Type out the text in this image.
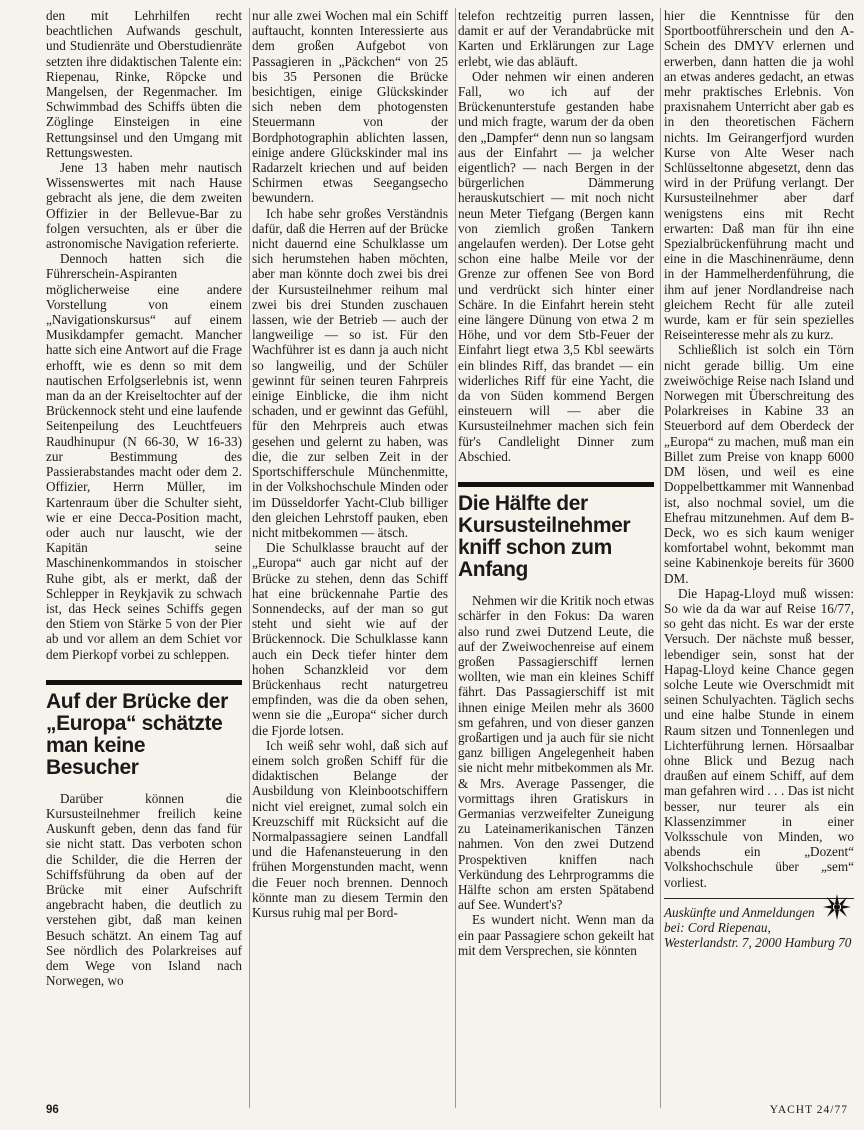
den mit Lehrhilfen recht beachtlichen Aufwands geschult, und Studienräte und Oberstudienräte setzten ihre didaktischen Talente ein: Riepenau, Rinke, Röpcke und Mangelsen, der Regenmacher. Im Schwimmbad des Schiffs übten die Zöglinge Einsteigen in eine Rettungsinsel und den Umgang mit Rettungswesten.

Jene 13 haben mehr nautisch Wissenswertes mit nach Hause gebracht als jene, die dem zweiten Offizier in der Bellevue-Bar zu folgen versuchten, als er über die astronomische Navigation referierte.

Dennoch hatten sich die Führerschein-Aspiranten möglicherweise eine andere Vorstellung von einem „Navigationskursus“ auf einem Musikdampfer gemacht. Mancher hatte sich eine Antwort auf die Frage erhofft, wie es denn so mit dem nautischen Erfolgserlebnis ist, wenn man da an der Kreiseltochter auf der Brückennock steht und eine laufende Seitenpeilung des Leuchtfeuers Raudhinupur (N 66-30, W 16-33) zur Bestimmung des Passierabstandes macht oder dem 2. Offizier, Herrn Müller, im Kartenraum über die Schulter sieht, wie er eine Decca-Position macht, oder auch nur lauscht, wie der Kapitän seine Maschinenkommandos in stoischer Ruhe gibt, als er merkt, daß der Schlepper in Reykjavik zu schwach ist, das Heck seines Schiffs gegen den Stiem von Stärke 5 von der Pier ab und vor allem an dem Schiet vor dem Pierkopf vorbei zu schleppen.

Auf der Brücke der „Europa“ schätzte man keine Besucher

Darüber können die Kursusteilnehmer freilich keine Auskunft geben, denn das fand für sie nicht statt. Das verboten schon die Schilder, die die Herren der Schiffsführung da oben auf der Brücke mit einer Aufschrift angebracht haben, die deutlich zu verstehen gibt, daß man keinen Besuch schätzt. An einem Tag auf See nördlich des Polarkreises auf dem Wege von Island nach Norwegen, wo

nur alle zwei Wochen mal ein Schiff auftaucht, konnten Interessierte aus dem großen Aufgebot von Passagieren in „Päckchen“ von 25 bis 35 Personen die Brücke besichtigen, einige Glückskinder sich neben dem photogensten Steuermann von der Bordphotographin ablichten lassen, einige andere Glückskinder mal ins Radarzelt kriechen und auf beiden Schirmen etwas Seegangsecho bewundern.

Ich habe sehr großes Verständnis dafür, daß die Herren auf der Brücke nicht dauernd eine Schulklasse um sich herumstehen haben möchten, aber man könnte doch zwei bis drei der Kursusteilnehmer reihum mal zwei bis drei Stunden zuschauen lassen, wie der Betrieb — auch der langweilige — so ist. Für den Wachführer ist es dann ja auch nicht so langweilig, und der Schüler gewinnt für seinen teuren Fahrpreis einige Einblicke, die ihm nicht schaden, und er gewinnt das Gefühl, für den Mehrpreis auch etwas gesehen und gelernt zu haben, was die, die zur selben Zeit in der Sportschifferschule Münchenmitte, in der Volkshochschule Minden oder im Düsseldorfer Yacht-Club billiger den gleichen Lehrstoff pauken, eben nicht mitbekommen — ätsch.

Die Schulklasse braucht auf der „Europa“ auch gar nicht auf der Brücke zu stehen, denn das Schiff hat eine brückennahe Partie des Sonnendecks, auf der man so gut steht und sieht wie auf der Brückennock. Die Schulklasse kann auch ein Deck tiefer hinter dem hohen Schanzkleid vor dem Brückenhaus recht naturgetreu empfinden, was die da oben sehen, wenn sie die „Europa“ sicher durch die Fjorde lotsen.

Ich weiß sehr wohl, daß sich auf einem solch großen Schiff für die didaktischen Belange der Ausbildung von Kleinbootschiffern nicht viel ereignet, zumal solch ein Kreuzschiff mit Rücksicht auf die Normalpassagiere seinen Landfall und die Hafenansteuerung in den frühen Morgenstunden macht, wenn die Feuer noch brennen. Dennoch könnte man zu diesem Termin den Kursus ruhig mal per Bord-

telefon rechtzeitig purren lassen, damit er auf der Verandabrücke mit Karten und Erklärungen zur Lage erlebt, wie das abläuft.

Oder nehmen wir einen anderen Fall, wo ich auf der Brückenunterstufe gestanden habe und mich fragte, warum der da oben den „Dampfer“ denn nun so langsam aus der Einfahrt — ja welcher eigentlich? — nach Bergen in der bürgerlichen Dämmerung herauskutschiert — mit noch nicht neun Meter Tiefgang (Bergen kann von ziemlich großen Tankern angelaufen werden). Der Lotse geht schon eine halbe Meile vor der Grenze zur offenen See von Bord und verdrückt sich hinter einer Schäre. In die Einfahrt herein steht eine längere Dünung von etwa 2 m Höhe, und vor dem Stb-Feuer der Einfahrt liegt etwa 3,5 Kbl seewärts ein blindes Riff, das brandet — ein widerliches Riff für eine Yacht, die da von Süden kommend Bergen einsteuern will — aber die Kursusteilnehmer machen sich fein für's Candlelight Dinner zum Abschied.

Die Hälfte der Kursusteilnehmer kniff schon zum Anfang

Nehmen wir die Kritik noch etwas schärfer in den Fokus: Da waren also rund zwei Dutzend Leute, die auf der Zweiwochenreise auf einem großen Passagierschiff lernen wollten, wie man ein kleines Schiff fährt. Das Passagierschiff ist mit ihnen einige Meilen mehr als 3600 sm gefahren, und von dieser ganzen großartigen und ja auch für sie nicht ganz billigen Angelegenheit haben sie nicht mehr mitbekommen als Mr. & Mrs. Average Passenger, die vormittags ihren Gratiskurs in Germanias verzweifelter Zuneigung zu Lateinamerikanischen Tänzen nahmen. Von den zwei Dutzend Prospektiven kniffen nach Verkündung des Lehrprogramms die Hälfte schon am ersten Spätabend auf See. Wundert's?

Es wundert nicht. Wenn man da ein paar Passagiere schon gekeilt hat mit dem Versprechen, sie könnten

hier die Kenntnisse für den Sportbootführerschein und den A-Schein des DMYV erlernen und erwerben, dann hatten die ja wohl an etwas anderes gedacht, an etwas mehr praktisches Erlebnis. Von praxisnahem Unterricht aber gab es in den theoretischen Fächern nichts. Im Geirangerfjord wurden Kurse von Alte Weser nach Schlüsseltonne abgesetzt, denn das wird in der Prüfung verlangt. Der Kursusteilnehmer aber darf wenigstens eins mit Recht erwarten: Daß man für ihn eine Spezialbrückenführung macht und eine in die Maschinenräume, denn in der Hammelherdenführung, die ihm auf jener Nordlandreise nach gleichem Recht für alle zuteil wurde, kam er für sein spezielles Reiseinteresse mehr als zu kurz.

Schließlich ist solch ein Törn nicht gerade billig. Um eine zweiwöchige Reise nach Island und Norwegen mit Überschreitung des Polarkreises in Kabine 33 an Steuerbord auf dem Oberdeck der „Europa“ zu machen, muß man ein Billet zum Preise von knapp 6000 DM lösen, und weil es eine Doppelbettkammer mit Wannenbad ist, also nochmal soviel, um die Ehefrau mitzunehmen. Auf dem B-Deck, wo es sich kaum weniger komfortabel wohnt, bekommt man seine Kabinenkoje bereits für 3600 DM.

Die Hapag-Lloyd muß wissen: So wie da da war auf Reise 16/77, so geht das nicht. Es war der erste Versuch. Der nächste muß besser, lebendiger sein, sonst hat der Hapag-Lloyd keine Chance gegen solche Leute wie Overschmidt mit seinen Schulyachten. Täglich sechs und eine halbe Stunde in einem Raum sitzen und Tonnenlegen und Lichterführung lernen. Hörsaalbar ohne Blick und Bezug nach draußen auf einem Schiff, auf dem man gefahren wird . . . Das ist nicht besser, nur teurer als ein Klassenzimmer in einer Volksschule von Minden, wo abends ein „Dozent“ Volkshochschule über „sem“ vorliest.

Auskünfte und Anmeldungen bei: Cord Riepenau, Westerlandstr. 7, 2000 Hamburg 70
96	YACHT 24/77
